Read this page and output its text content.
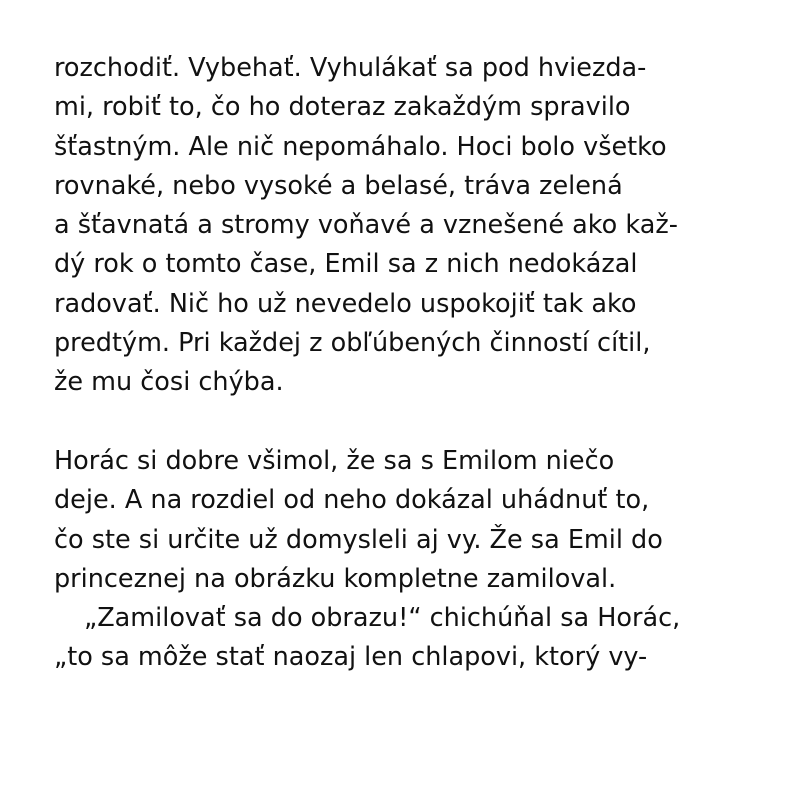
rozchodiť. Vybehať. Vyhulákať sa pod hviezda-
mi, robiť to, čo ho doteraz zakaždým spravilo
šťastným. Ale nič nepomáhalo. Hoci bolo všetko
rovnaké, nebo vysoké a belasé, tráva zelená
a šťavnatá a stromy voňavé a vznešené ako kaž-
dý rok o tomto čase, Emil sa z nich nedokázal
radovať. Nič ho už nevedelo uspokojiť tak ako
predtým. Pri každej z obľúbených činností cítil,
že mu čosi chýba.
Horác si dobre všimol, že sa s Emilom niečo
deje. A na rozdiel od neho dokázal uhádnuť to,
čo ste si určite už domysleli aj vy. Že sa Emil do
princeznej na obrázku kompletne zamiloval.
„Zamilovať sa do obrazu!“ chichúňal sa Horác,
„to sa môže stať naozaj len chlapovi, ktorý vy-
